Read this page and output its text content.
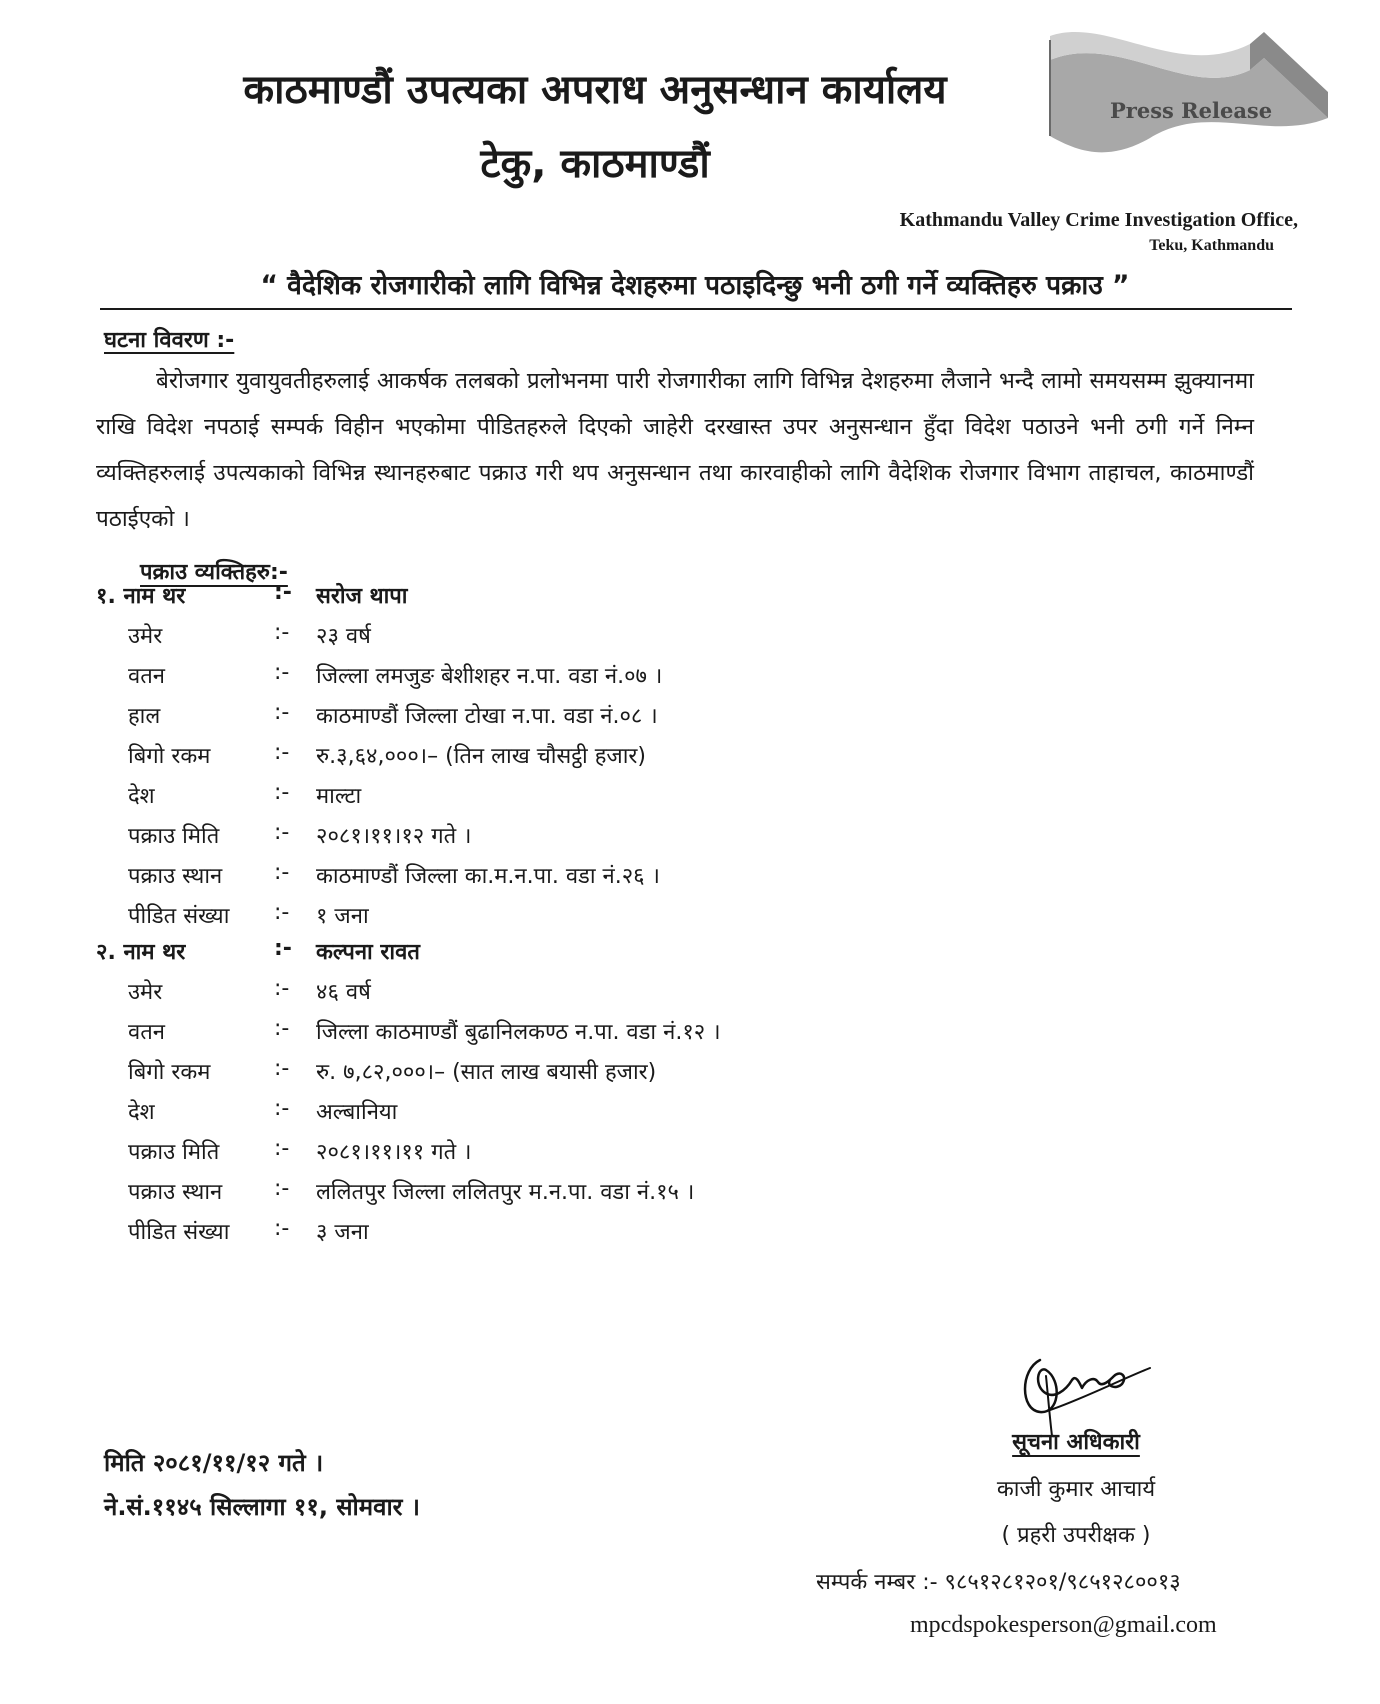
काठमाण्डौं उपत्यका अपराध अनुसन्धान कार्यालय
टेकु, काठमाण्डौं
Press Release
Kathmandu Valley Crime Investigation Office,
Teku, Kathmandu
“ वैदेशिक रोजगारीको लागि विभिन्न देशहरुमा पठाइदिन्छु भनी ठगी गर्ने व्यक्तिहरु पक्राउ ”
घटना विवरण :-
बेरोजगार युवायुवतीहरुलाई आकर्षक तलबको प्रलोभनमा पारी रोजगारीका लागि विभिन्न देशहरुमा लैजाने भन्दै लामो समयसम्म झुक्यानमा राखि विदेश नपठाई सम्पर्क विहीन भएकोमा पीडितहरुले दिएको जाहेरी दरखास्त उपर अनुसन्धान हुँदा विदेश पठाउने भनी ठगी गर्ने निम्न व्यक्तिहरुलाई उपत्यकाको विभिन्न स्थानहरुबाट पक्राउ गरी थप अनुसन्धान तथा कारवाहीको लागि वैदेशिक रोजगार विभाग ताहाचल, काठमाण्डौं पठाईएको ।
पक्राउ व्यक्तिहरु:-
१. नाम थर	:- सरोज थापा
उमेर	:- २३ वर्ष
वतन	:- जिल्ला लमजुङ बेशीशहर न.पा. वडा नं.०७ ।
हाल	:- काठमाण्डौं जिल्ला टोखा न.पा. वडा नं.०८ ।
बिगो रकम	:- रु.३,६४,०००।– (तिन लाख चौसट्ठी हजार)
देश	:- माल्टा
पक्राउ मिति :- २०८१।११।१२ गते ।
पक्राउ स्थान :- काठमाण्डौं जिल्ला का.म.न.पा. वडा नं.२६ ।
पीडित संख्या :- १ जना
२. नाम थर	:- कल्पना रावत
उमेर	:- ४६ वर्ष
वतन	:- जिल्ला काठमाण्डौं बुढानिलकण्ठ न.पा. वडा नं.१२ ।
बिगो रकम	:- रु. ७,८२,०००।– (सात लाख बयासी हजार)
देश	:- अल्बानिया
पक्राउ मिति :- २०८१।११।११ गते ।
पक्राउ स्थान :- ललितपुर जिल्ला ललितपुर म.न.पा. वडा नं.१५ ।
पीडित संख्या :- ३ जना
मिति २०८१/११/१२ गते ।
ने.सं.११४५ सिल्लागा ११, सोमवार ।
सूचना अधिकारी
काजी कुमार आचार्य
( प्रहरी उपरीक्षक )
सम्पर्क नम्बर :- ९८५१२८१२०१/९८५१२८००१३
mpcdspokesperson@gmail.com
